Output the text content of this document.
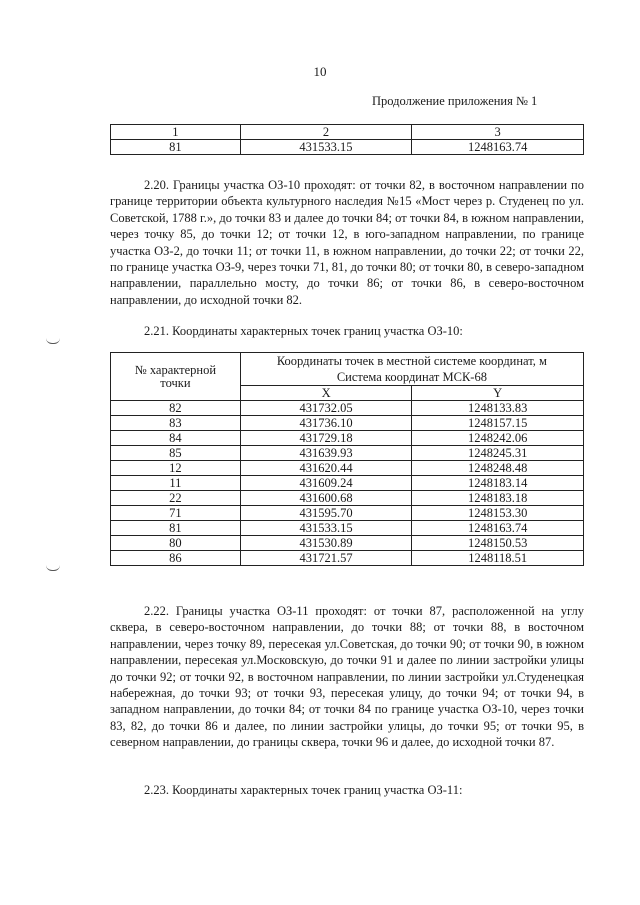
10
Продолжение приложения № 1
1	2	3
81	431533.15	1248163.74

2.20. Границы участка ОЗ-10 проходят: от точки 82, в восточном направлении по границе территории объекта культурного наследия №15 «Мост через р. Студенец по ул. Советской, 1788 г.», до точки 83 и далее до точки 84; от точки 84, в южном направлении, через точку 85, до точки 12; от точки 12, в юго-западном направлении, по границе участка ОЗ-2, до точки 11; от точки 11, в южном направлении, до точки 22; от точки 22, по границе участка ОЗ-9, через точки 71, 81, до точки 80; от точки 80, в северо-западном направлении, параллельно мосту, до точки 86; от точки 86, в северо-восточном направлении, до исходной точки 82.

2.21. Координаты характерных точек границ участка ОЗ-10:

№ характерной точки	Координаты точек в местной системе координат, м
Система координат МСК-68	
	X	Y

82	431732.05	1248133.83
83	431736.10	1248157.15
84	431729.18	1248242.06
85	431639.93	1248245.31
12	431620.44	1248248.48
11	431609.24	1248183.14
22	431600.68	1248183.18
71	431595.70	1248153.30
81	431533.15	1248163.74
80	431530.89	1248150.53
86	431721.57	1248118.51

2.22. Границы участка ОЗ-11 проходят: от точки 87, расположенной на углу сквера, в северо-восточном направлении, до точки 88; от точки 88, в восточном направлении, через точку 89, пересекая ул.Советская, до точки 90; от точки 90, в южном направлении, пересекая ул.Московскую, до точки 91 и далее по линии застройки улицы до точки 92; от точки 92, в восточном направлении, по линии застройки ул.Студенецкая набережная, до точки 93; от точки 93, пересекая улицу, до точки 94; от точки 94, в западном направлении, до точки 84; от точки 84 по границе участка ОЗ-10, через точки 83, 82, до точки 86 и далее, по линии застройки улицы, до точки 95; от точки 95, в северном направлении, до границы сквера, точки 96 и далее, до исходной точки 87.

2.23. Координаты характерных точек границ участка ОЗ-11:
